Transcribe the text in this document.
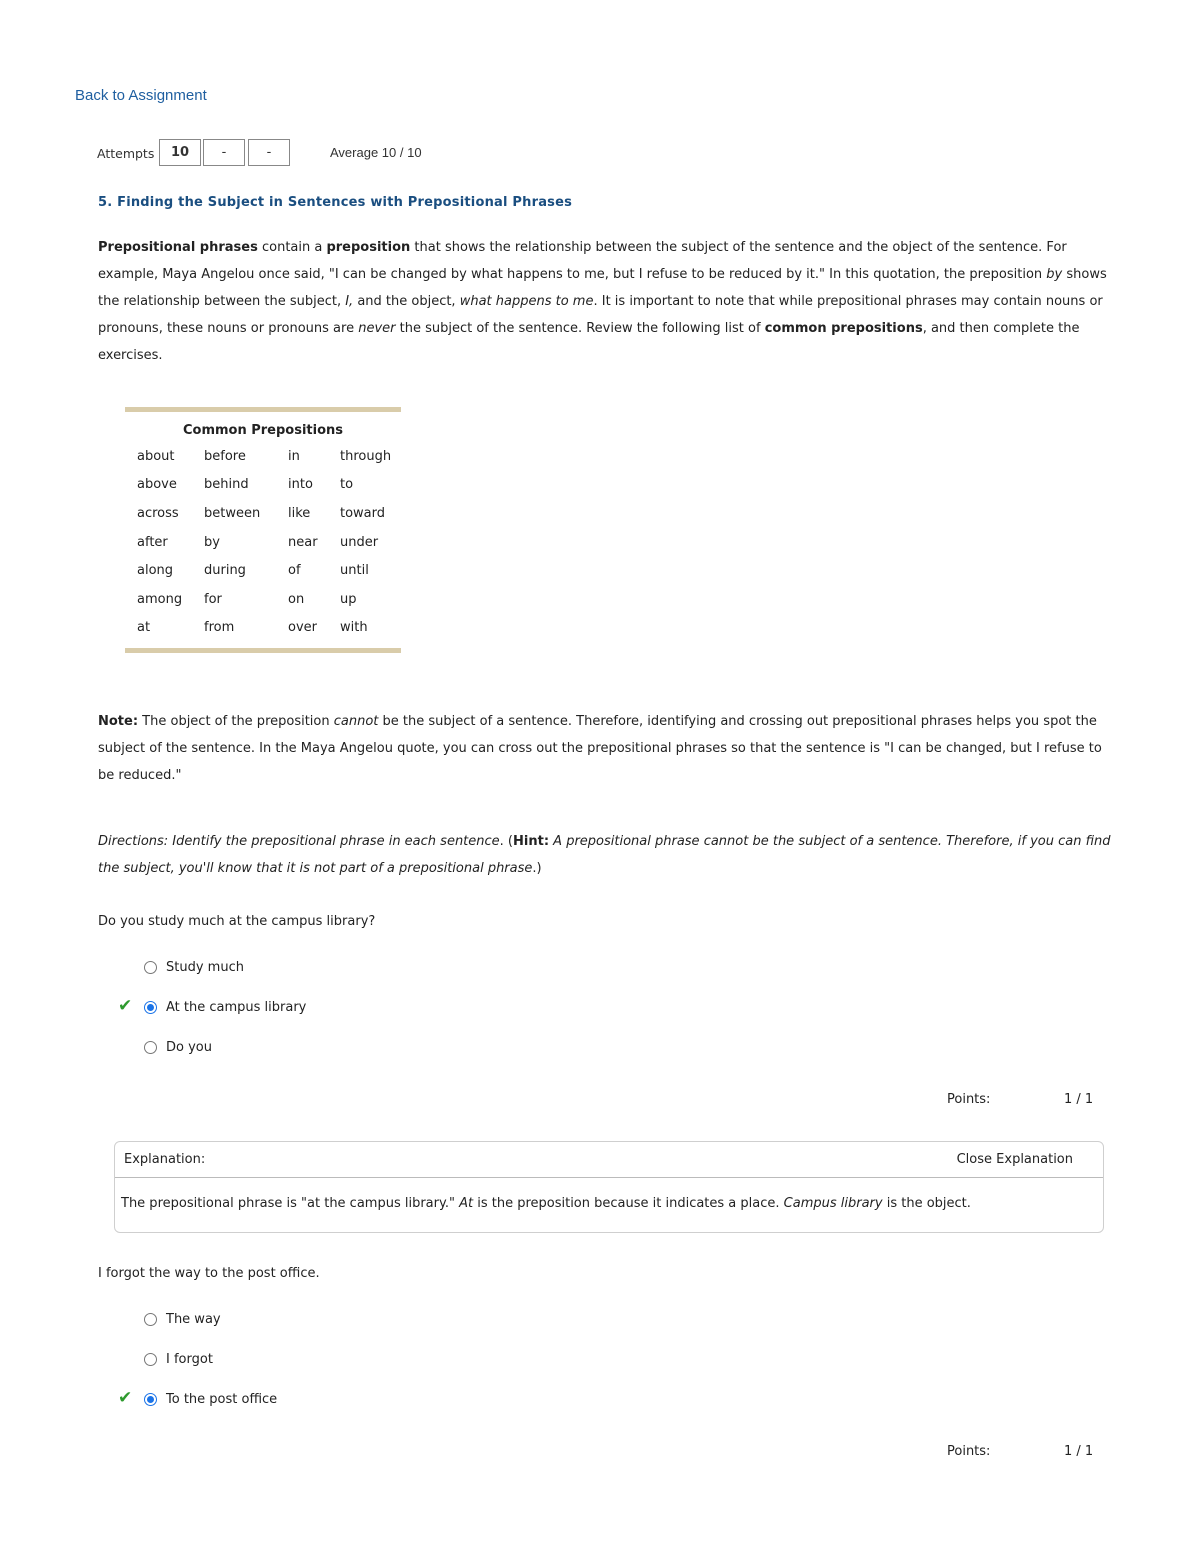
Back to Assignment
Attempts	10	-	-	Average 10 / 10
5. Finding the Subject in Sentences with Prepositional Phrases
Prepositional phrases contain a preposition that shows the relationship between the subject of the sentence and the object of the sentence. For example, Maya Angelou once said, "I can be changed by what happens to me, but I refuse to be reduced by it." In this quotation, the preposition by shows the relationship between the subject, I, and the object, what happens to me. It is important to note that while prepositional phrases may contain nouns or pronouns, these nouns or pronouns are never the subject of the sentence. Review the following list of common prepositions, and then complete the exercises.
Common Prepositions
about	before	in	through
above	behind	into	to
across	between	like	toward
after	by	near	under
along	during	of	until
among	for	on	up
at	from	over	with
Note: The object of the preposition cannot be the subject of a sentence. Therefore, identifying and crossing out prepositional phrases helps you spot the subject of the sentence. In the Maya Angelou quote, you can cross out the prepositional phrases so that the sentence is "I can be changed, but I refuse to be reduced."
Directions: Identify the prepositional phrase in each sentence. (Hint: A prepositional phrase cannot be the subject of a sentence. Therefore, if you can find the subject, you'll know that it is not part of a prepositional phrase.)
Do you study much at the campus library?
Study much
✔	At the campus library
Do you
Points:	1 / 1
Explanation:	Close Explanation
The prepositional phrase is "at the campus library." At is the preposition because it indicates a place. Campus library is the object.
I forgot the way to the post office.
The way
I forgot
✔	To the post office
Points:	1 / 1
